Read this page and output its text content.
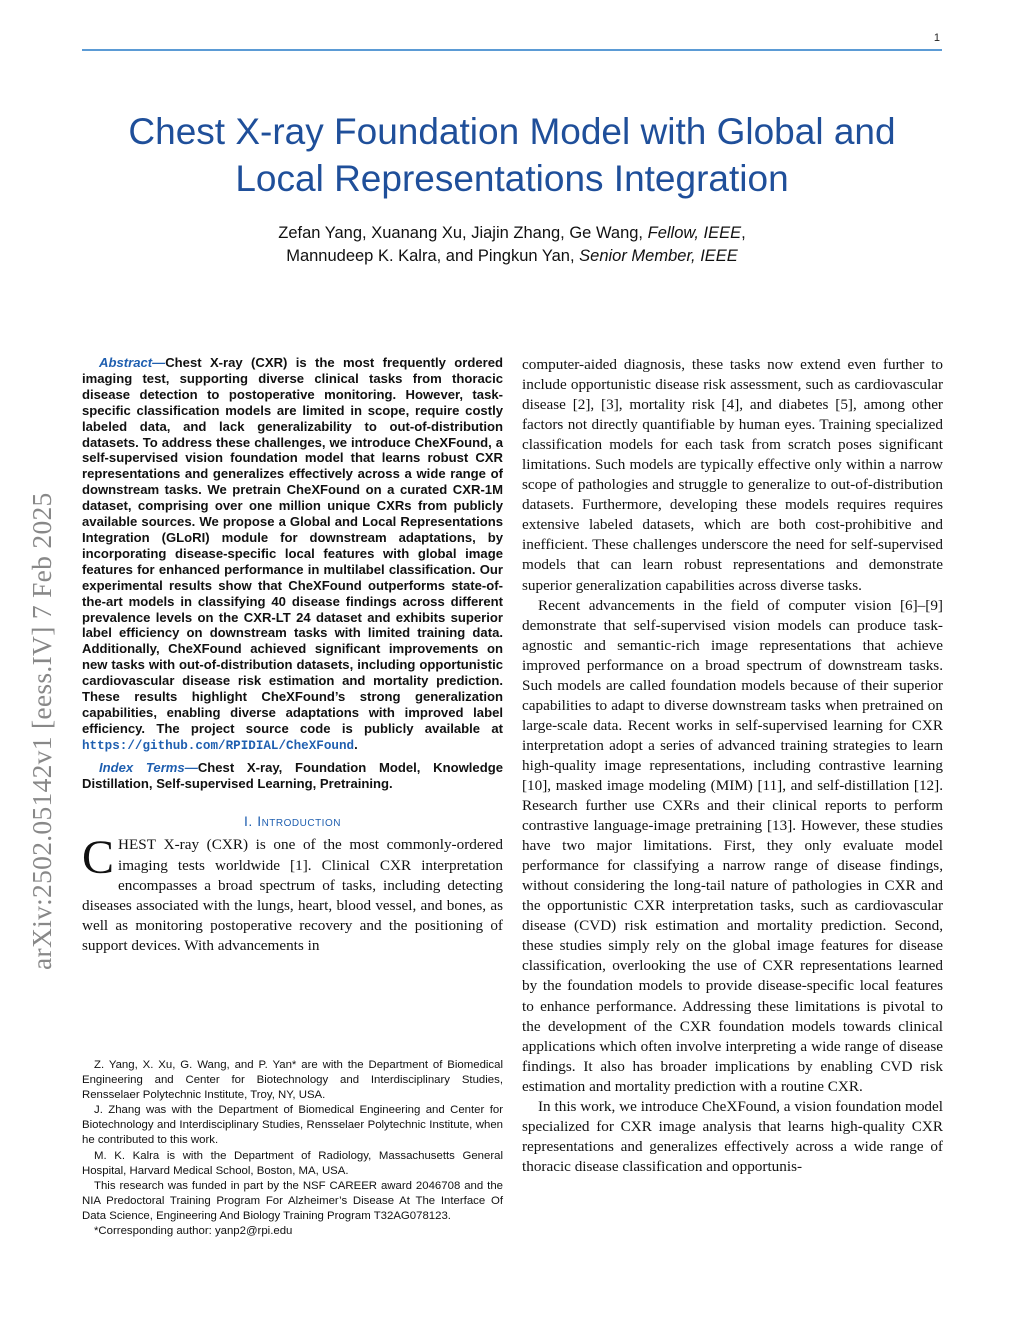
1
Chest X-ray Foundation Model with Global and
Local Representations Integration
Zefan Yang, Xuanang Xu, Jiajin Zhang, Ge Wang, Fellow, IEEE,
Mannudeep K. Kalra, and Pingkun Yan, Senior Member, IEEE
arXiv:2502.05142v1 [eess.IV] 7 Feb 2025

Abstract—Chest X-ray (CXR) is the most frequently ordered imaging test, supporting diverse clinical tasks from thoracic disease detection to postoperative monitoring. However, task-specific classification models are limited in scope, require costly labeled data, and lack generalizability to out-of-distribution datasets. To address these challenges, we introduce CheXFound, a self-supervised vision foundation model that learns robust CXR representations and generalizes effectively across a wide range of downstream tasks. We pretrain CheXFound on a curated CXR-1M dataset, comprising over one million unique CXRs from publicly available sources. We propose a Global and Local Representations Integration (GLoRI) module for downstream adaptations, by incorporating disease-specific local features with global image features for enhanced performance in multilabel classification. Our experimental results show that CheXFound outperforms state-of-the-art models in classifying 40 disease findings across different prevalence levels on the CXR-LT 24 dataset and exhibits superior label efficiency on downstream tasks with limited training data. Additionally, CheXFound achieved significant improvements on new tasks with out-of-distribution datasets, including opportunistic cardiovascular disease risk estimation and mortality prediction. These results highlight CheXFound’s strong generalization capabilities, enabling diverse adaptations with improved label efficiency. The project source code is publicly available at https://github.com/RPIDIAL/CheXFound.

Index Terms—Chest X-ray, Foundation Model, Knowledge Distillation, Self-supervised Learning, Pretraining.

I. Introduction

CHEST X-ray (CXR) is one of the most commonly-ordered imaging tests worldwide [1]. Clinical CXR interpretation encompasses a broad spectrum of tasks, including detecting diseases associated with the lungs, heart, blood vessel, and bones, as well as monitoring postoperative recovery and the positioning of support devices. With advancements in

Z. Yang, X. Xu, G. Wang, and P. Yan* are with the Department of Biomedical Engineering and Center for Biotechnology and Interdisciplinary Studies, Rensselaer Polytechnic Institute, Troy, NY, USA.

J. Zhang was with the Department of Biomedical Engineering and Center for Biotechnology and Interdisciplinary Studies, Rensselaer Polytechnic Institute, when he contributed to this work.

M. K. Kalra is with the Department of Radiology, Massachusetts General Hospital, Harvard Medical School, Boston, MA, USA.

This research was funded in part by the NSF CAREER award 2046708 and the NIA Predoctoral Training Program For Alzheimer’s Disease At The Interface Of Data Science, Engineering And Biology Training Program T32AG078123.

*Corresponding author: yanp2@rpi.edu

computer-aided diagnosis, these tasks now extend even further to include opportunistic disease risk assessment, such as cardiovascular disease [2], [3], mortality risk [4], and diabetes [5], among other factors not directly quantifiable by human eyes. Training specialized classification models for each task from scratch poses significant limitations. Such models are typically effective only within a narrow scope of pathologies and struggle to generalize to out-of-distribution datasets. Furthermore, developing these models requires requires extensive labeled datasets, which are both cost-prohibitive and inefficient. These challenges underscore the need for self-supervised models that can learn robust representations and demonstrate superior generalization capabilities across diverse tasks.

Recent advancements in the field of computer vision [6]–[9] demonstrate that self-supervised vision models can produce task-agnostic and semantic-rich image representations that achieve improved performance on a broad spectrum of downstream tasks. Such models are called foundation models because of their superior capabilities to adapt to diverse downstream tasks when pretrained on large-scale data. Recent works in self-supervised learning for CXR interpretation adopt a series of advanced training strategies to learn high-quality image representations, including contrastive learning [10], masked image modeling (MIM) [11], and self-distillation [12]. Research further use CXRs and their clinical reports to perform contrastive language-image pretraining [13]. However, these studies have two major limitations. First, they only evaluate model performance for classifying a narrow range of disease findings, without considering the long-tail nature of pathologies in CXR and the opportunistic CXR interpretation tasks, such as cardiovascular disease (CVD) risk estimation and mortality prediction. Second, these studies simply rely on the global image features for disease classification, overlooking the use of CXR representations learned by the foundation models to provide disease-specific local features to enhance performance. Addressing these limitations is pivotal to the development of the CXR foundation models towards clinical applications which often involve interpreting a wide range of disease findings. It also has broader implications by enabling CVD risk estimation and mortality prediction with a routine CXR.

In this work, we introduce CheXFound, a vision foundation model specialized for CXR image analysis that learns high-quality CXR representations and generalizes effectively across a wide range of thoracic disease classification and opportunis-
